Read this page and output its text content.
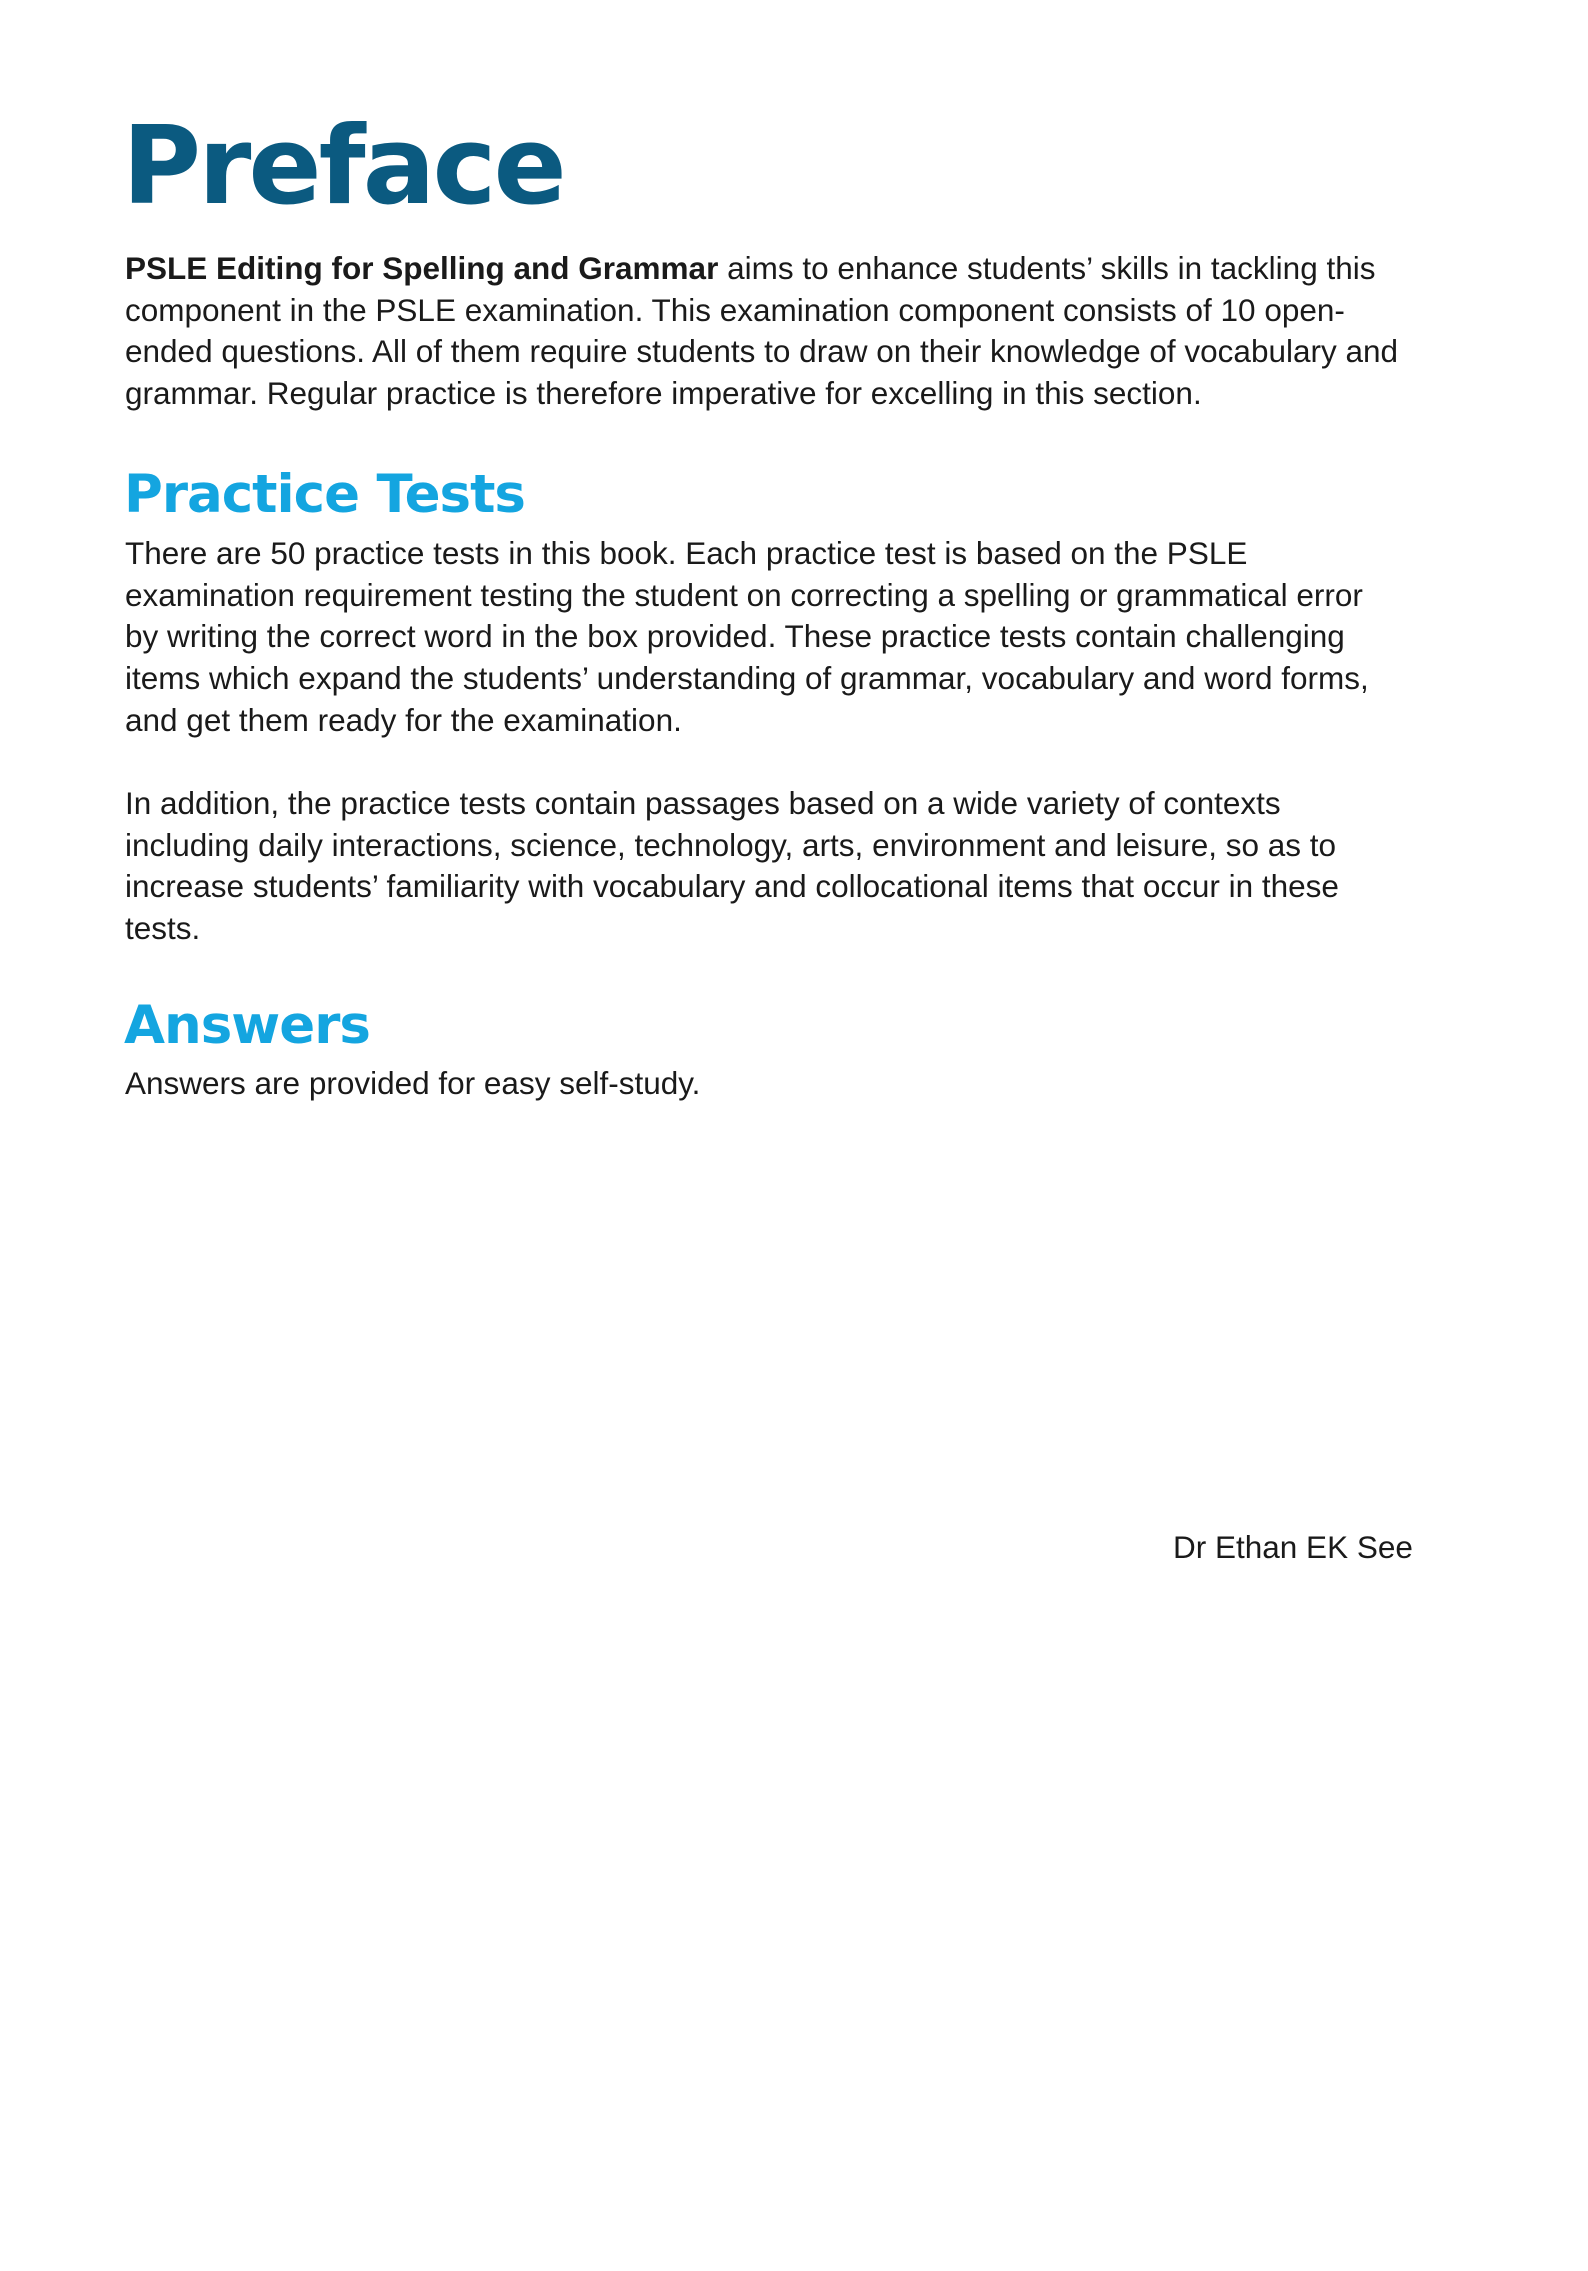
Preface

PSLE Editing for Spelling and Grammar aims to enhance students’ skills in tackling this
component in the PSLE examination. This examination component consists of 10 open-
ended questions. All of them require students to draw on their knowledge of vocabulary and
grammar. Regular practice is therefore imperative for excelling in this section.

Practice Tests

There are 50 practice tests in this book. Each practice test is based on the PSLE
examination requirement testing the student on correcting a spelling or grammatical error
by writing the correct word in the box provided. These practice tests contain challenging
items which expand the students’ understanding of grammar, vocabulary and word forms,
and get them ready for the examination.

In addition, the practice tests contain passages based on a wide variety of contexts
including daily interactions, science, technology, arts, environment and leisure, so as to
increase students’ familiarity with vocabulary and collocational items that occur in these
tests.

Answers

Answers are provided for easy self-study.

Dr Ethan EK See
